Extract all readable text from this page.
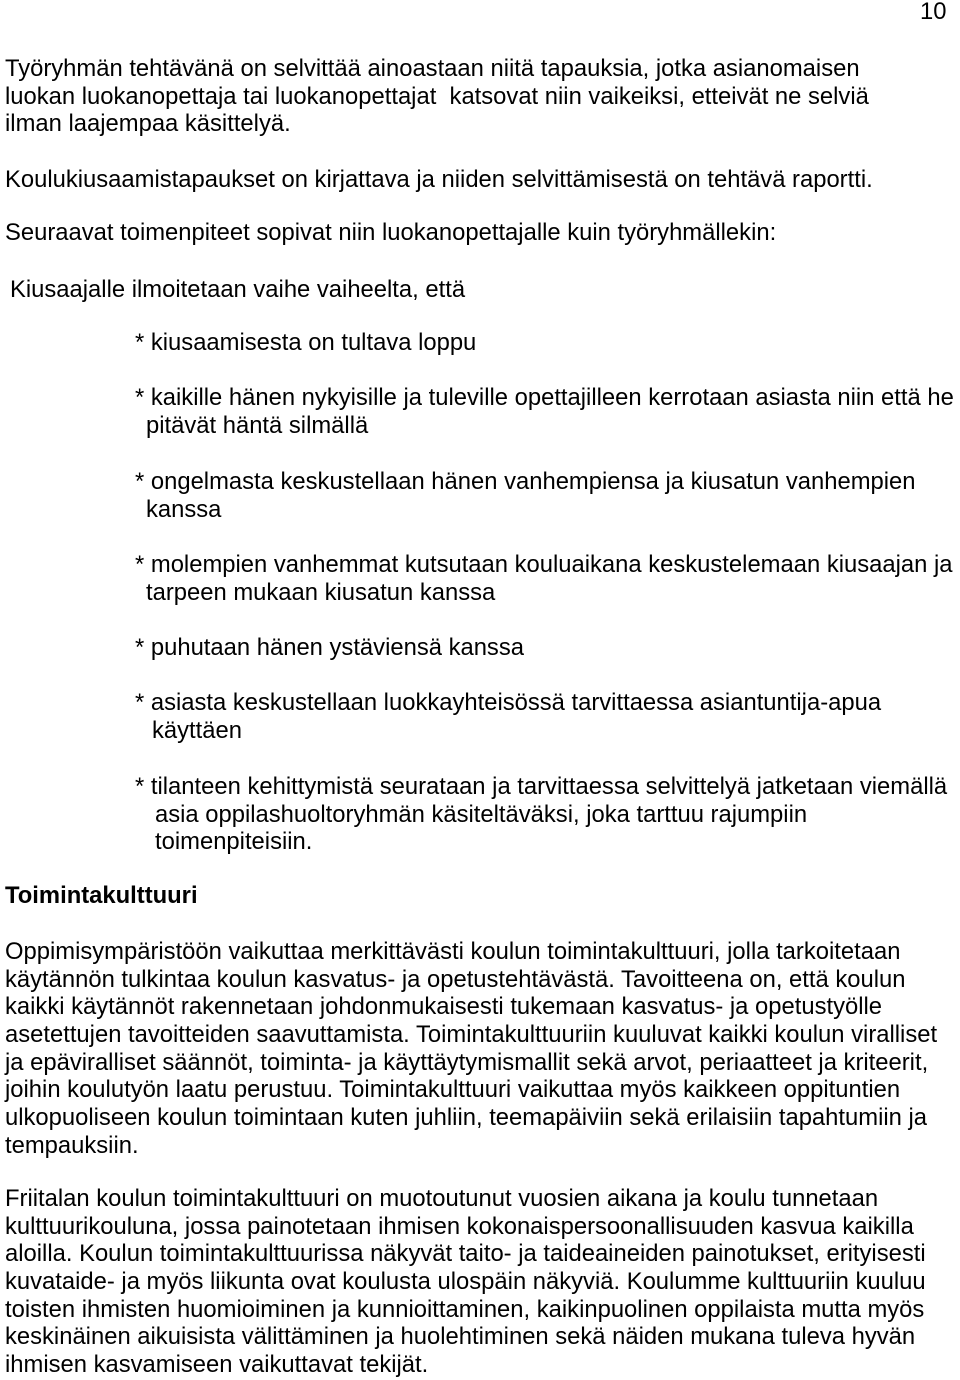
10
Työryhmän tehtävänä on selvittää ainoastaan niitä tapauksia, jotka asianomaisen
luokan luokanopettaja tai luokanopettajat  katsovat niin vaikeiksi, etteivät ne selviä
ilman laajempaa käsittelyä.
Koulukiusaamistapaukset on kirjattava ja niiden selvittämisestä on tehtävä raportti.
Seuraavat toimenpiteet sopivat niin luokanopettajalle kuin työryhmällekin:
Kiusaajalle ilmoitetaan vaihe vaiheelta, että
* kiusaamisesta on tultava loppu
* kaikille hänen nykyisille ja tuleville opettajilleen kerrotaan asiasta niin että he
pitävät häntä silmällä
* ongelmasta keskustellaan hänen vanhempiensa ja kiusatun vanhempien
kanssa
* molempien vanhemmat kutsutaan kouluaikana keskustelemaan kiusaajan ja
tarpeen mukaan kiusatun kanssa
* puhutaan hänen ystäviensä kanssa
* asiasta keskustellaan luokkayhteisössä tarvittaessa asiantuntija-apua
käyttäen
* tilanteen kehittymistä seurataan ja tarvittaessa selvittelyä jatketaan viemällä
asia oppilashuoltoryhmän käsiteltäväksi, joka tarttuu rajumpiin
toimenpiteisiin.
Toimintakulttuuri
Oppimisympäristöön vaikuttaa merkittävästi koulun toimintakulttuuri, jolla tarkoitetaan
käytännön tulkintaa koulun kasvatus- ja opetustehtävästä. Tavoitteena on, että koulun
kaikki käytännöt rakennetaan johdonmukaisesti tukemaan kasvatus- ja opetustyölle
asetettujen tavoitteiden saavuttamista. Toimintakulttuuriin kuuluvat kaikki koulun viralliset
ja epäviralliset säännöt, toiminta- ja käyttäytymismallit sekä arvot, periaatteet ja kriteerit,
joihin koulutyön laatu perustuu. Toimintakulttuuri vaikuttaa myös kaikkeen oppituntien
ulkopuoliseen koulun toimintaan kuten juhliin, teemapäiviin sekä erilaisiin tapahtumiin ja
tempauksiin.
Friitalan koulun toimintakulttuuri on muotoutunut vuosien aikana ja koulu tunnetaan
kulttuurikouluna, jossa painotetaan ihmisen kokonaispersoonallisuuden kasvua kaikilla
aloilla. Koulun toimintakulttuurissa näkyvät taito- ja taideaineiden painotukset, erityisesti
kuvataide- ja myös liikunta ovat koulusta ulospäin näkyviä. Koulumme kulttuuriin kuuluu
toisten ihmisten huomioiminen ja kunnioittaminen, kaikinpuolinen oppilaista mutta myös
keskinäinen aikuisista välittäminen ja huolehtiminen sekä näiden mukana tuleva hyvän
ihmisen kasvamiseen vaikuttavat tekijät.
